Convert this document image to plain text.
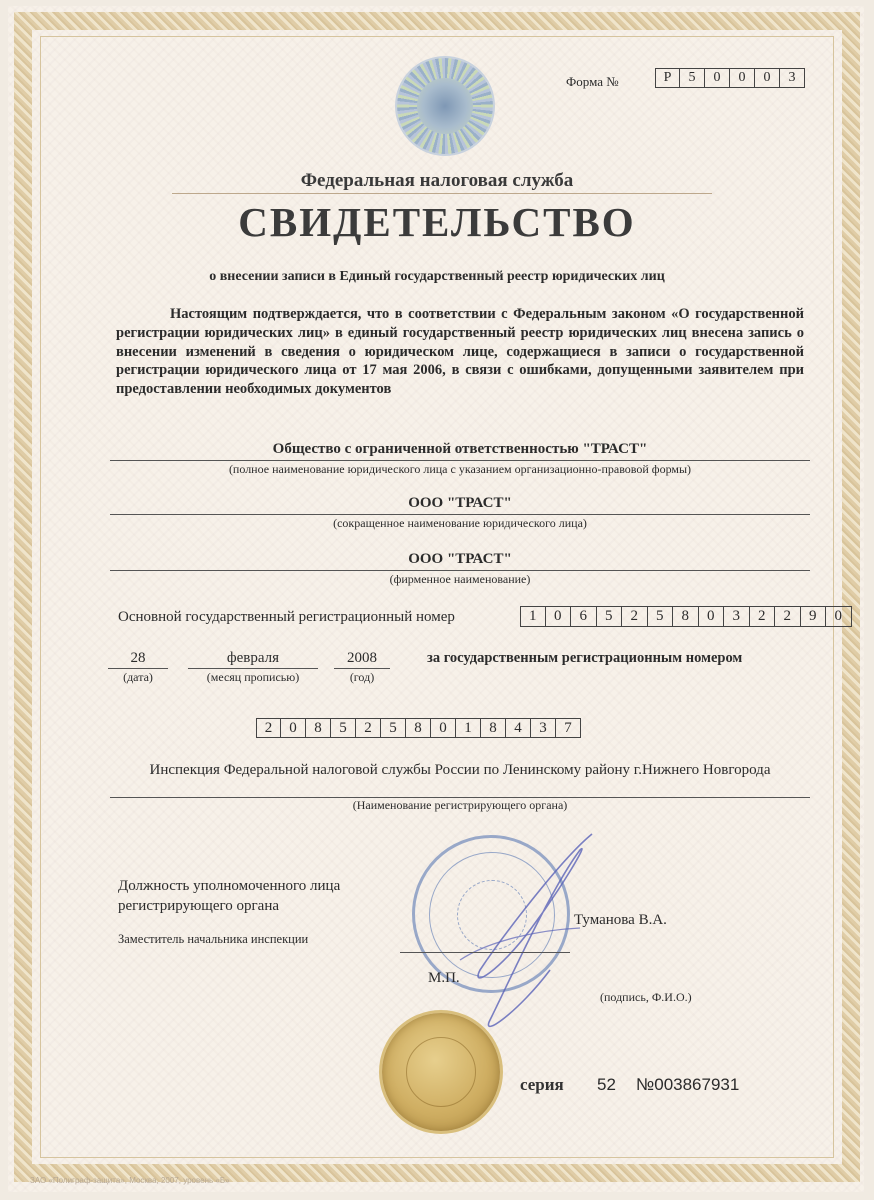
Форма №	Р	5	0	0	0	3
Федеральная налоговая служба
СВИДЕТЕЛЬСТВО
о внесении записи в Единый государственный реестр юридических лиц
Настоящим подтверждается, что в соответствии с Федеральным законом «О государственной регистрации юридических лиц» в единый государственный реестр юридических лиц внесена запись о внесении изменений в сведения о юридическом лице, содержащиеся в записи о государственной регистрации юридического лица от 17 мая 2006, в связи с ошибками, допущенными заявителем при предоставлении необходимых документов
Общество с ограниченной ответственностью "ТРАСТ"
(полное наименование юридического лица с указанием организационно-правовой формы)
ООО "ТРАСТ"
(сокращенное наименование юридического лица)
ООО "ТРАСТ"
(фирменное наименование)
Основной государственный регистрационный номер	1	0	6	5	2	5	8	0	3	2	2	9	0
28
(дата)
февраля
(месяц прописью)
2008
(год)
за государственным регистрационным номером
2	0	8	5	2	5	8	0	1	8	4	3	7
Инспекция Федеральной налоговой службы России по Ленинскому району г.Нижнего Новгорода
(Наименование регистрирующего органа)
Должность уполномоченного лица регистрирующего органа
Заместитель начальника инспекции
Туманова В.А.
М.П.
(подпись, Ф.И.О.)
серия 52 №003867931
ЗАО «Полиграф-защита», Москва, 2007, уровень «Б»
